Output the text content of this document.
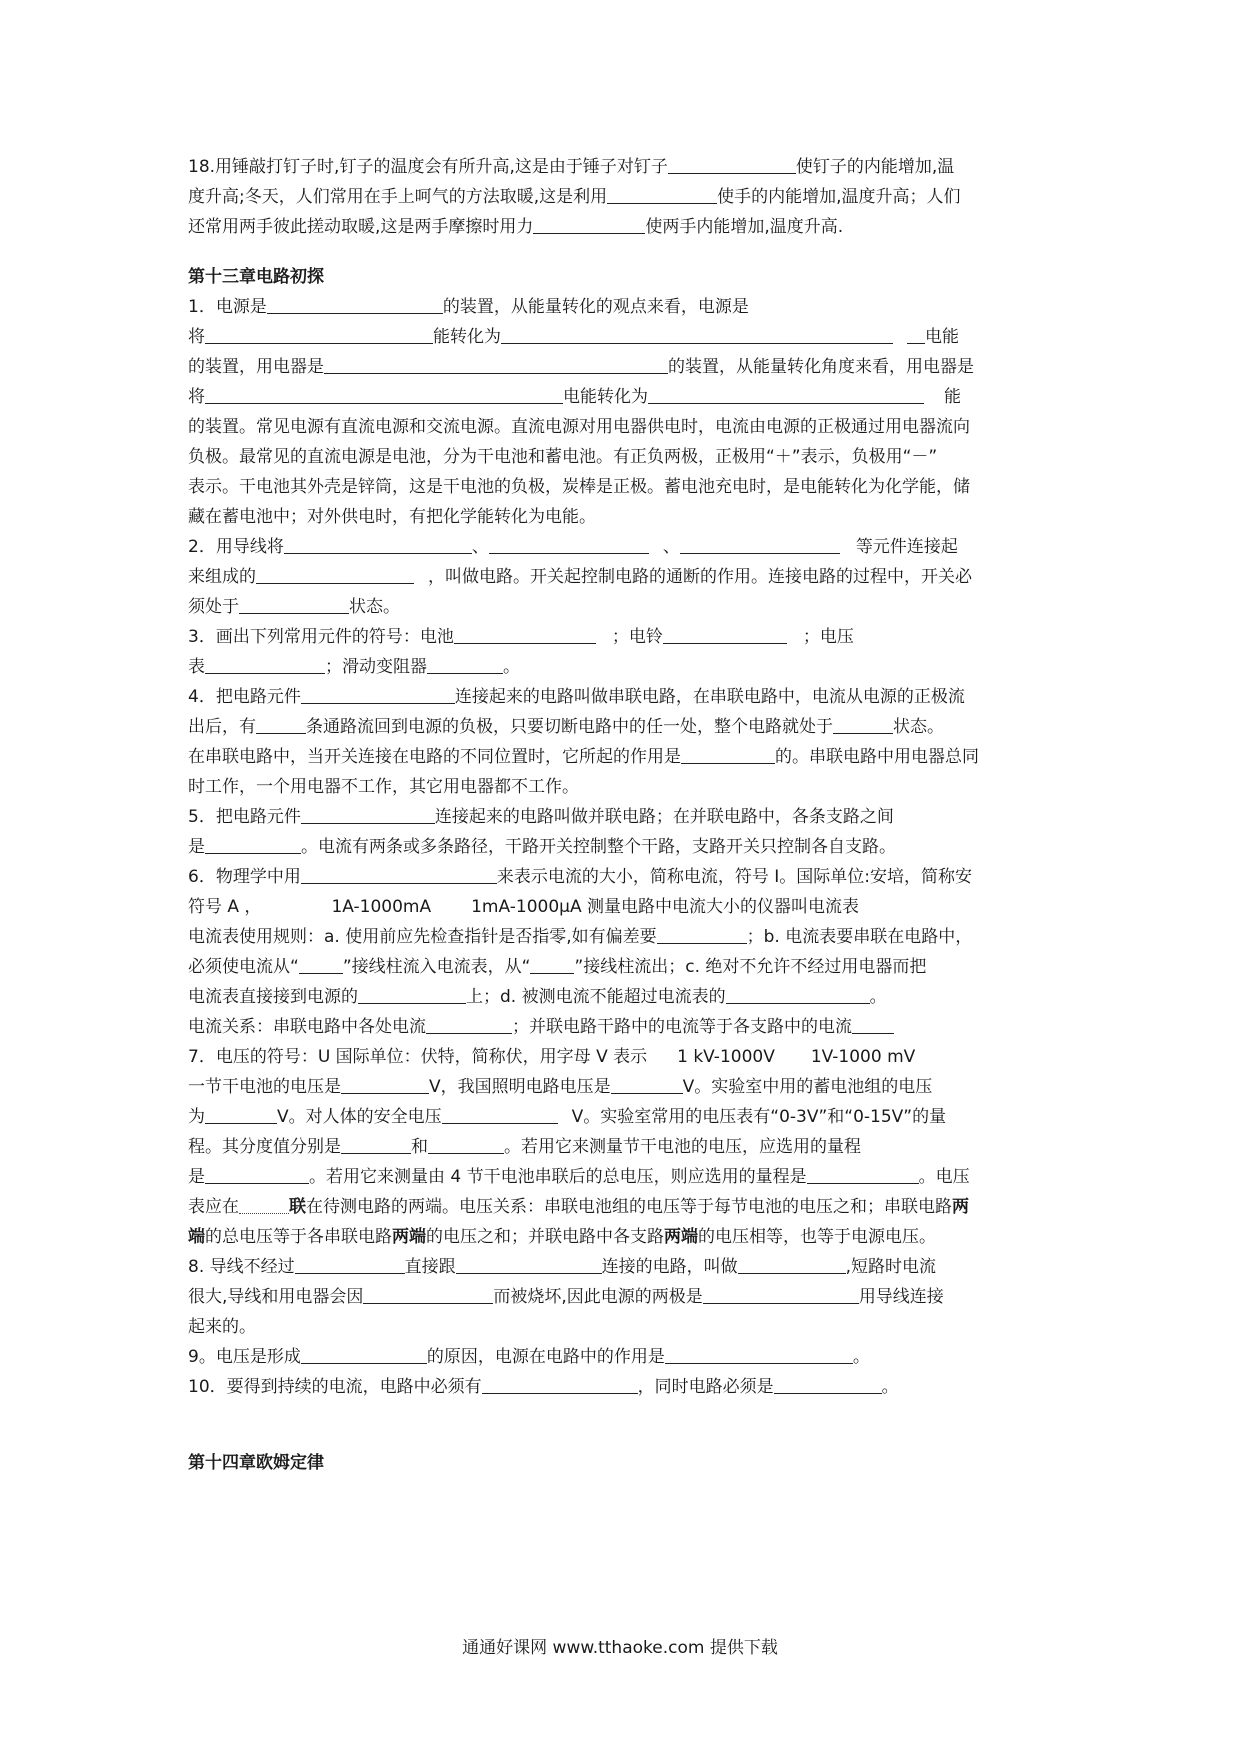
18.用锤敲打钉子时,钉子的温度会有所升高,这是由于锤子对钉子	使钉子的内能增加,温

度升高;冬天，人们常用在手上呵气的方法取暖,这是利用	使手的内能增加,温度升高；人们

还常用两手彼此搓动取暖,这是两手摩擦时用力	使两手内能增加,温度升高.

第十三章电路初探

1．电源是	的装置，从能量转化的观点来看，电源是

将	能转化为	电能

的装置，用电器是	的装置，从能量转化角度来看，用电器是

将	电能转化为	能

的装置。常见电源有直流电源和交流电源。直流电源对用电器供电时，电流由电源的正极通过用电器流向

负极。最常见的直流电源是电池，分为干电池和蓄电池。有正负两极，正极用“＋”表示，负极用“－”

表示。干电池其外壳是锌筒，这是干电池的负极，炭棒是正极。蓄电池充电时，是电能转化为化学能，储

藏在蓄电池中；对外供电时，有把化学能转化为电能。

2．用导线将	、	、	等元件连接起

来组成的	，叫做电路。开关起控制电路的通断的作用。连接电路的过程中，开关必

须处于	状态。

3．画出下列常用元件的符号：电池	；电铃	；电压

表	；滑动变阻器	。

4．把电路元件	连接起来的电路叫做串联电路，在串联电路中，电流从电源的正极流

出后，有	条通路流回到电源的负极，只要切断电路中的任一处，整个电路就处于	状态。

在串联电路中，当开关连接在电路的不同位置时，它所起的作用是	的。串联电路中用电器总同

时工作，一个用电器不工作，其它用电器都不工作。

5．把电路元件	连接起来的电路叫做并联电路；在并联电路中，各条支路之间

是	。电流有两条或多条路径，干路开关控制整个干路，支路开关只控制各自支路。

6．物理学中用	来表示电流的大小，简称电流，符号 I。国际单位:安培，简称安

符号 A ，	1A-1000mA 1mA-1000μA 测量电路中电流大小的仪器叫电流表

电流表使用规则：a. 使用前应先检查指针是否指零,如有偏差要	；b. 电流表要串联在电路中，

必须使电流从“	”接线柱流入电流表，从“	”接线柱流出；c. 绝对不允许不经过用电器而把

电流表直接接到电源的	上；d. 被测电流不能超过电流表的	。

电流关系：串联电路中各处电流	；并联电路干路中的电流等于各支路中的电流

7．电压的符号：U 国际单位：伏特，简称伏，用字母 V 表示 1 kV-1000V 1V-1000 mV

一节干电池的电压是	V，我国照明电路电压是	V。实验室中用的蓄电池组的电压

为	V。对人体的安全电压	V。实验室常用的电压表有“0-3V”和“0-15V”的量

程。其分度值分别是	和	。若用它来测量节干电池的电压，应选用的量程

是	。若用它来测量由 4 节干电池串联后的总电压，则应选用的量程是	。电压

表应在	联在待测电路的两端。电压关系：串联电池组的电压等于每节电池的电压之和；串联电路两

端的总电压等于各串联电路两端的电压之和；并联电路中各支路两端的电压相等，也等于电源电压。

8. 导线不经过	直接跟	连接的电路，叫做	,短路时电流

很大,导线和用电器会因	而被烧坏,因此电源的两极是	用导线连接

起来的。

9。电压是形成	的原因，电源在电路中的作用是	。

10．要得到持续的电流，电路中必须有	，同时电路必须是	。

第十四章欧姆定律

通通好课网 www.tthaoke.com 提供下载
